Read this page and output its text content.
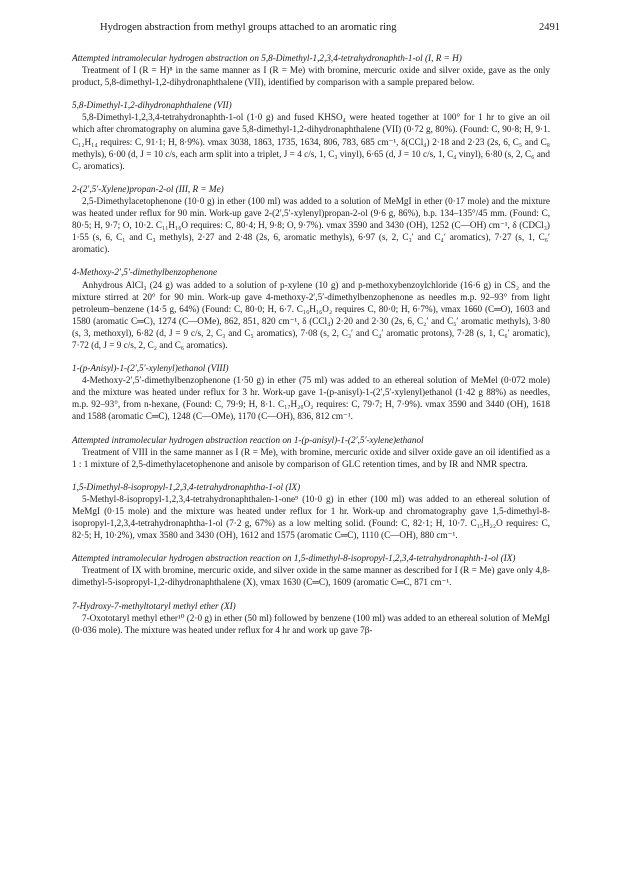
Hydrogen abstraction from methyl groups attached to an aromatic ring	2491

Attempted intramolecular hydrogen abstraction on 5,8-Dimethyl-1,2,3,4-tetrahydronaphth-1-ol (I, R = H)

Treatment of I (R = H)⁸ in the same manner as I (R = Me) with bromine, mercuric oxide and silver oxide, gave as the only product, 5,8-dimethyl-1,2-dihydronaphthalene (VII), identified by comparison with a sample prepared below.

5,8-Dimethyl-1,2-dihydronaphthalene (VII)

5,8-Dimethyl-1,2,3,4-tetrahydronaphth-1-ol (1·0 g) and fused KHSO₄ were heated together at 100° for 1 hr to give an oil which after chromatography on alumina gave 5,8-dimethyl-1,2-dihydronaphthalene (VII) (0·72 g, 80%). (Found: C, 90·8; H, 9·1. C₁₂H₁₄ requires: C, 91·1; H, 8·9%). νmax 3038, 1863, 1735, 1634, 806, 783, 685 cm⁻¹, δ(CCl₄) 2·18 and 2·23 (2s, 6, C₅ and C₈ methyls), 6·00 (d, J = 10 c/s, each arm split into a triplet, J = 4 c/s, 1, C₃ vinyl), 6·65 (d, J = 10 c/s, 1, C₄ vinyl), 6·80 (s, 2, C₆ and C₇ aromatics).

2-(2′,5′-Xylene)propan-2-ol (III, R = Me)

2,5-Dimethylacetophenone (10·0 g) in ether (100 ml) was added to a solution of MeMgI in ether (0·17 mole) and the mixture was heated under reflux for 90 min. Work-up gave 2-(2′,5′-xylenyl)propan-2-ol (9·6 g, 86%), b.p. 134–135°/45 mm. (Found: C, 80·5; H, 9·7; O, 10·2. C₁₁H₁₆O requires: C, 80·4; H, 9·8; O, 9·7%). νmax 3590 and 3430 (OH), 1252 (C—OH) cm⁻¹, δ (CDCl₃) 1·55 (s, 6, C₁ and C₃ methyls), 2·27 and 2·48 (2s, 6, aromatic methyls), 6·97 (s, 2, C₃′ and C₄′ aromatics), 7·27 (s, 1, C₆′ aromatic).

4-Methoxy-2′,5′-dimethylbenzophenone

Anhydrous AlCl₃ (24 g) was added to a solution of p-xylene (10 g) and p-methoxybenzoylchloride (16·6 g) in CS₂ and the mixture stirred at 20° for 90 min. Work-up gave 4-methoxy-2′,5′-dimethylbenzophenone as needles m.p. 92–93° from light petroleum–benzene (14·5 g, 64%) (Found: C, 80·0; H, 6·7. C₁₆H₁₆O₂ requires C, 80·0; H, 6·7%), νmax 1660 (C═O), 1603 and 1580 (aromatic C═C), 1274 (C—OMe), 862, 851, 820 cm⁻¹, δ (CCl₄) 2·20 and 2·30 (2s, 6, C₂′ and C₅′ aromatic methyls), 3·80 (s, 3, methoxyl), 6·82 (d, J = 9 c/s, 2, C₃ and C₅ aromatics), 7·08 (s, 2, C₃′ and C₄′ aromatic protons), 7·28 (s, 1, C₆′ aromatic), 7·72 (d, J = 9 c/s, 2, C₂ and C₆ aromatics).

1-(p-Anisyl)-1-(2′,5′-xylenyl)ethanol (VIII)

4-Methoxy-2′,5′-dimethylbenzophenone (1·50 g) in ether (75 ml) was added to an ethereal solution of MeMel (0·072 mole) and the mixture was heated under reflux for 3 hr. Work-up gave 1-(p-anisyl)-1-(2′,5′-xylenyl)ethanol (1·42 g 88%) as needles, m.p. 92–93°, from n-hexane, (Found: C, 79·9; H, 8·1. C₁₇H₂₀O₂ requires: C, 79·7; H, 7·9%). νmax 3590 and 3440 (OH), 1618 and 1588 (aromatic C═C), 1248 (C—OMe), 1170 (C—OH), 836, 812 cm⁻¹.

Attempted intramolecular hydrogen abstraction reaction on 1-(p-anisyl)-1-(2′,5′-xylene)ethanol

Treatment of VIII in the same manner as I (R = Me), with bromine, mercuric oxide and silver oxide gave an oil identified as a 1 : 1 mixture of 2,5-dimethylacetophenone and anisole by comparison of GLC retention times, and by IR and NMR spectra.

1,5-Dimethyl-8-isopropyl-1,2,3,4-tetrahydronaphtha-1-ol (IX)

5-Methyl-8-isopropyl-1,2,3,4-tetrahydronaphthalen-1-one⁹ (10·0 g) in ether (100 ml) was added to an ethereal solution of MeMgI (0·15 mole) and the mixture was heated under reflux for 1 hr. Work-up and chromatography gave 1,5-dimethyl-8-isopropyl-1,2,3,4-tetrahydronaphtha-1-ol (7·2 g, 67%) as a low melting solid. (Found: C, 82·1; H, 10·7. C₁₅H₂₂O requires: C, 82·5; H, 10·2%), νmax 3580 and 3430 (OH), 1612 and 1575 (aromatic C═C), 1110 (C—OH), 880 cm⁻¹.

Attempted intramolecular hydrogen abstraction reaction on 1,5-dimethyl-8-isopropyl-1,2,3,4-tetrahydronaphth-1-ol (IX)

Treatment of IX with bromine, mercuric oxide, and silver oxide in the same manner as described for I (R = Me) gave only 4,8-dimethyl-5-isopropyl-1,2-dihydronaphthalene (X), νmax 1630 (C═C), 1609 (aromatic C═C, 871 cm⁻¹.

7-Hydroxy-7-methyltotaryl methyl ether (XI)

7-Oxototaryl methyl ether¹⁰ (2·0 g) in ether (50 ml) followed by benzene (100 ml) was added to an ethereal solution of MeMgI (0·036 mole). The mixture was heated under reflux for 4 hr and work up gave 7β-
